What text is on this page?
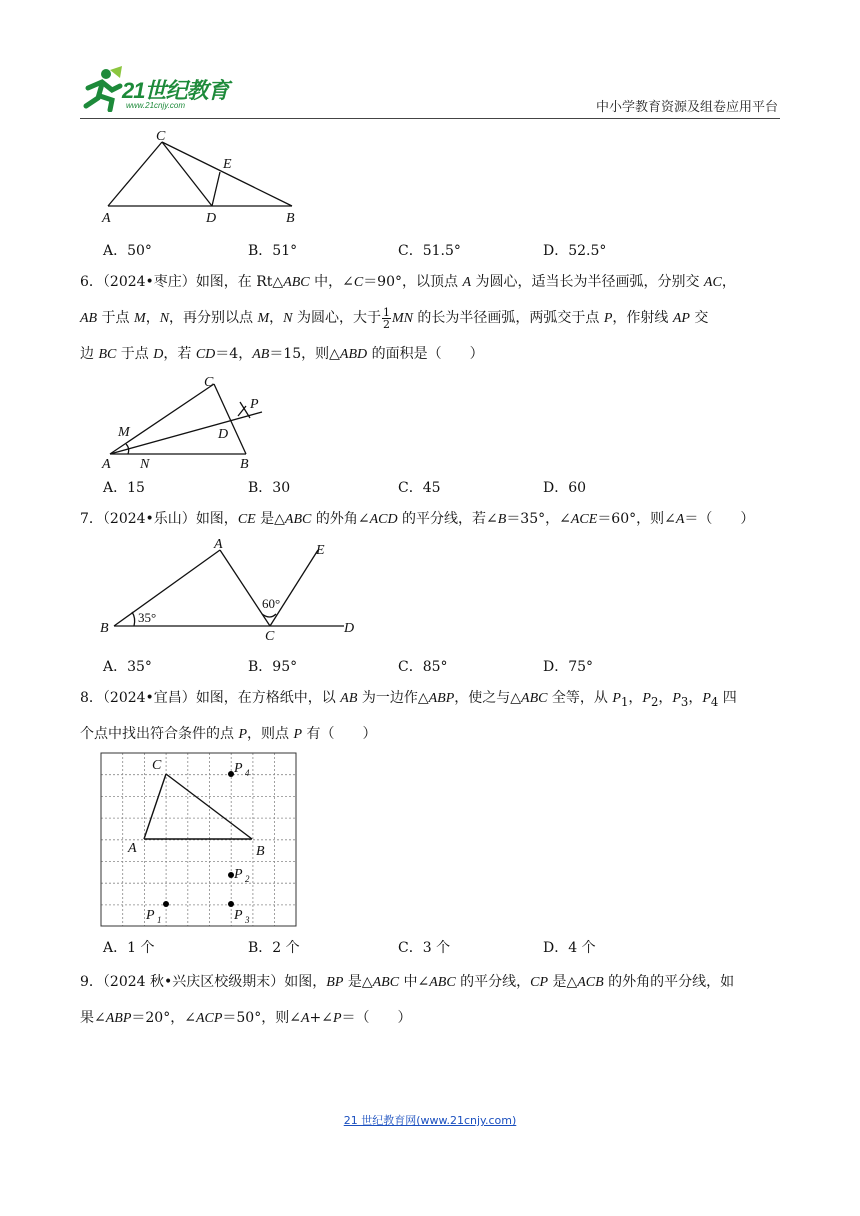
21世纪教育
www.21cnjy.com	中小学教育资源及组卷应用平台
C
E
A	D	B
A．50°	B．51°	C．51.5°	D．52.5°
6．（2024•枣庄）如图，在 Rt△ABC 中，∠C＝90°，以顶点 A 为圆心，适当长为半径画弧，分别交 AC，
AB 于点 M，N，再分别以点 M，N 为圆心，大于 $\frac{1}{2}$ MN 的长为半径画弧，两弧交于点 P，作射线 AP 交
边 BC 于点 D，若 CD＝4，AB＝15，则△ABD 的面积是（　　）
C
P
M	D
A N	B
A．15	B．30	C．45	D．60
7．（2024•乐山）如图，CE 是△ABC 的外角∠ACD 的平分线，若∠B＝35°，∠ACE＝60°，则∠A＝（　　）
A	E
B
C
D
35°
60°
A．35°	B．95°	C．85°	D．75°
8．（2024•宜昌）如图，在方格纸中，以 AB 为一边作△ABP，使之与△ABC 全等，从 $P_1$，$P_2$，$P_3$，$P_4$ 四
个点中找出符合条件的点 P，则点 P 有（　　）
C
A	B
P 4
P 2
P 3
P 1
A．1 个	B．2 个	C．3 个	D．4 个
9．（2024 秋•兴庆区校级期末）如图，BP 是△ABC 中∠ABC 的平分线，CP 是△ACB 的外角的平分线，如
果∠ABP＝20°，∠ACP＝50°，则∠A+∠P＝（　　）
21 世纪教育网(www.21cnjy.com)
